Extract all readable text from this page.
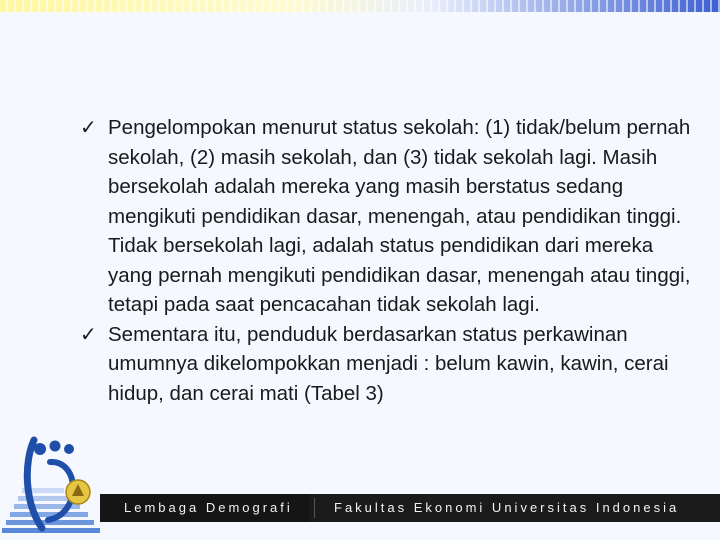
✓ Pengelompokan menurut status sekolah: (1) tidak/belum pernah sekolah, (2) masih sekolah, dan (3) tidak sekolah lagi. Masih bersekolah adalah mereka yang masih berstatus sedang mengikuti pendidikan dasar, menengah, atau pendidikan tinggi. Tidak bersekolah lagi, adalah status pendidikan dari mereka yang pernah mengikuti pendidikan dasar, menengah atau tinggi, tetapi pada saat pencacahan tidak sekolah lagi.
✓ Sementara itu, penduduk berdasarkan status perkawinan umumnya dikelompokkan menjadi : belum kawin, kawin, cerai hidup, dan cerai mati (Tabel 3)
Lembaga Demografi	Fakultas Ekonomi Universitas Indonesia
